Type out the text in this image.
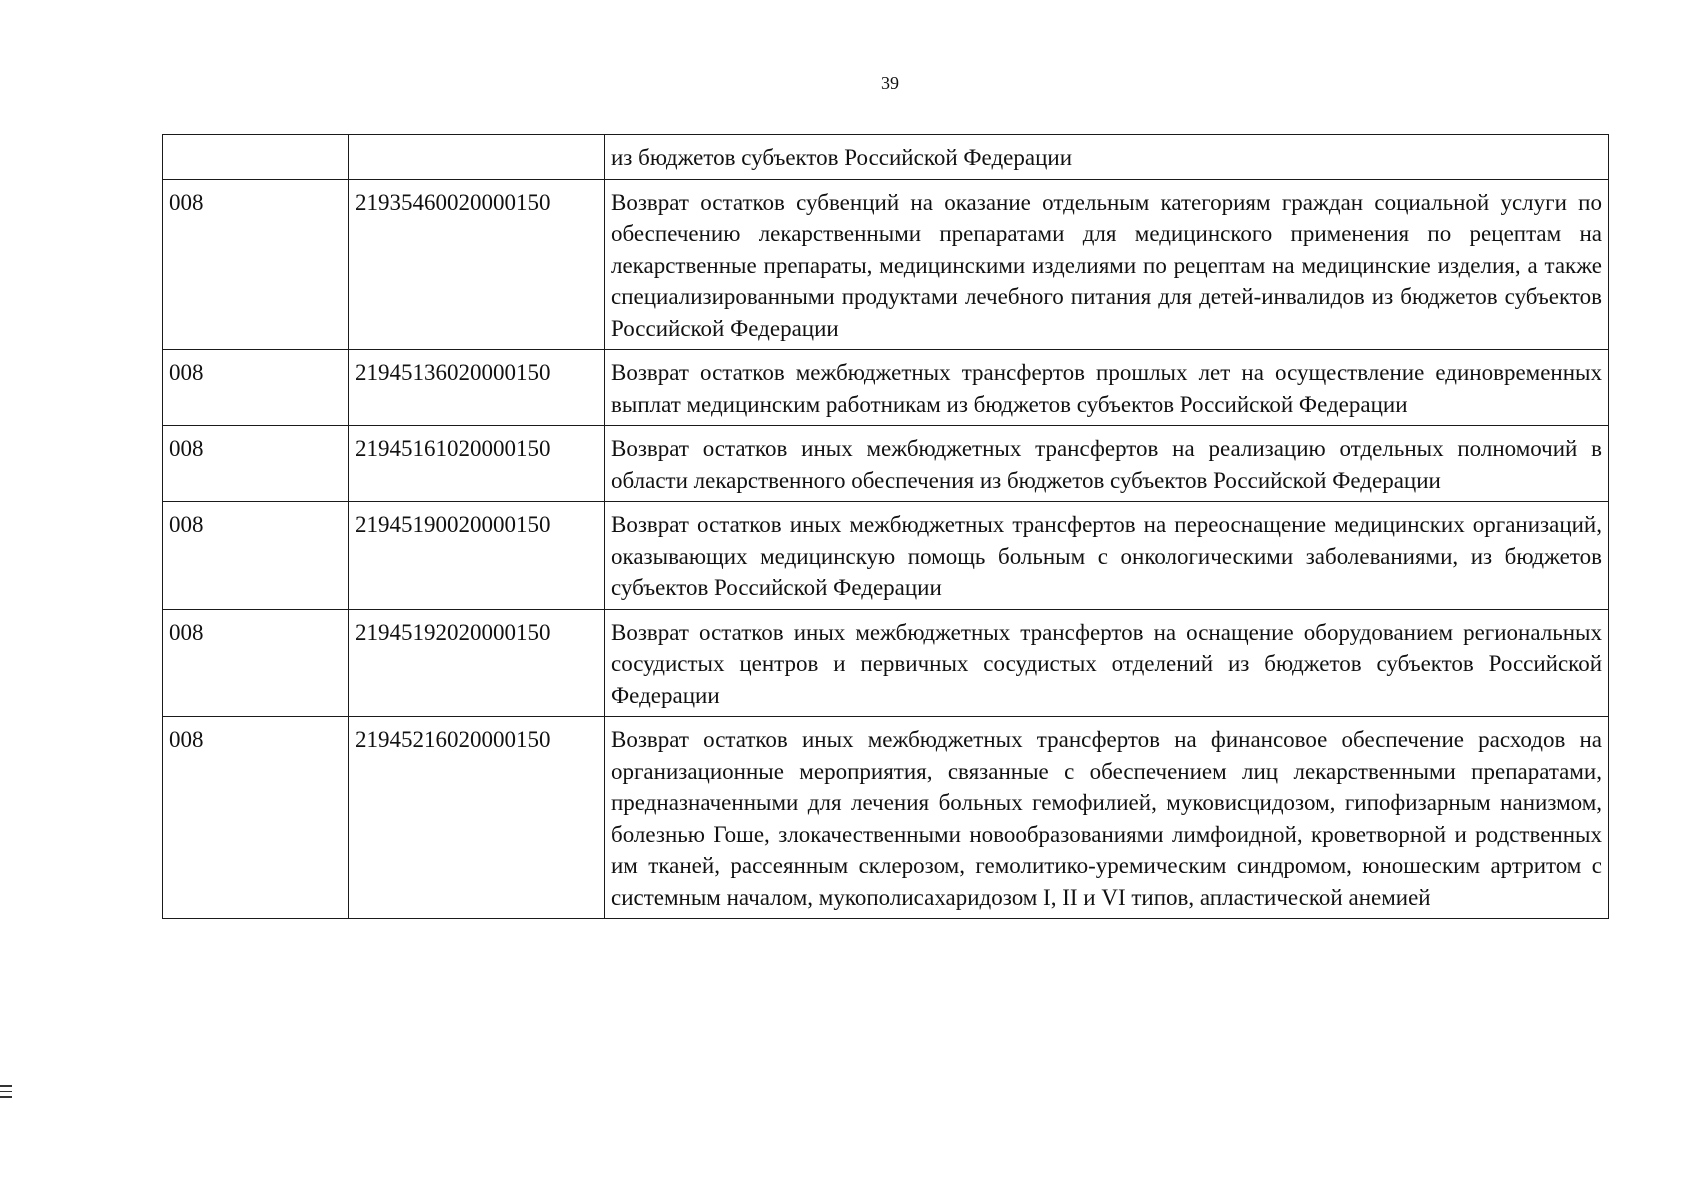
39
		из бюджетов субъектов Российской Федерации
008	21935460020000150	Возврат остатков субвенций на оказание отдельным категориям граждан социальной услуги по обеспечению лекарственными препаратами для медицинского применения по рецептам на лекарственные препараты, медицинскими изделиями по рецептам на медицинские изделия, а также специализированными продуктами лечебного питания для детей-инвалидов из бюджетов субъектов Российской Федерации
008	21945136020000150	Возврат остатков межбюджетных трансфертов прошлых лет на осуществление единовременных выплат медицинским работникам из бюджетов субъектов Российской Федерации
008	21945161020000150	Возврат остатков иных межбюджетных трансфертов на реализацию отдельных полномочий в области лекарственного обеспечения из бюджетов субъектов Российской Федерации
008	21945190020000150	Возврат остатков иных межбюджетных трансфертов на переоснащение медицинских организаций, оказывающих медицинскую помощь больным с онкологическими заболеваниями, из бюджетов субъектов Российской Федерации
008	21945192020000150	Возврат остатков иных межбюджетных трансфертов на оснащение оборудованием региональных сосудистых центров и первичных сосудистых отделений из бюджетов субъектов Российской Федерации
008	21945216020000150	Возврат остатков иных межбюджетных трансфертов на финансовое обеспечение расходов на организационные мероприятия, связанные с обеспечением лиц лекарственными препаратами, предназначенными для лечения больных гемофилией, муковисцидозом, гипофизарным нанизмом, болезнью Гоше, злокачественными новообразованиями лимфоидной, кроветворной и родственных им тканей, рассеянным склерозом, гемолитико-уремическим синдромом, юношеским артритом с системным началом, мукополисахаридозом I, II и VI типов, апластической анемией
